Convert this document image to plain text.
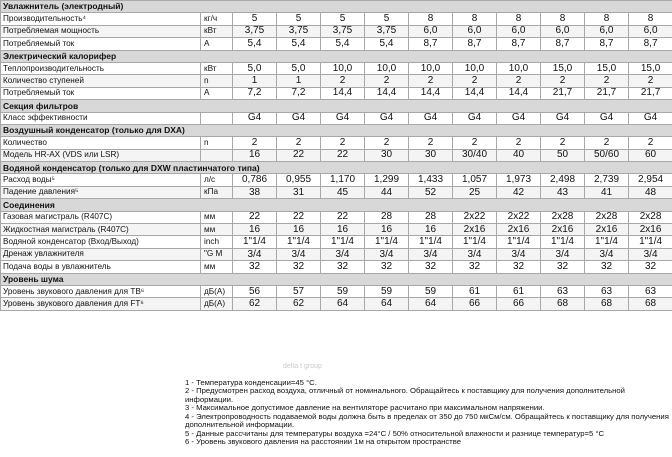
Увлажнитель (электродный)											
Производительность⁴	кг/ч	5	5	5	5	8	8	8	8	8	8
Потребляемая мощность	кВт	3,75	3,75	3,75	3,75	6,0	6,0	6,0	6,0	6,0	6,0
Потребляемый ток	А	5,4	5,4	5,4	5,4	8,7	8,7	8,7	8,7	8,7	8,7
Электрический калорифер											
Теплопроизводительность	кВт	5,0	5,0	10,0	10,0	10,0	10,0	10,0	15,0	15,0	15,0
Количество ступеней	n	1	1	2	2	2	2	2	2	2	2
Потребляемый ток	А	7,2	7,2	14,4	14,4	14,4	14,4	14,4	21,7	21,7	21,7
Секция фильтров											
Класс эффективности		G4	G4	G4	G4	G4	G4	G4	G4	G4	G4
Воздушный конденсатор (только для DXA)											
Количество	n	2	2	2	2	2	2	2	2	2	2
Модель HR-AX (VDS или LSR)		16	22	22	30	30	30/40	40	50	50/60	60
Водяной конденсатор (только для DXW пластинчатого типа)											
Расход воды⁵	л/с	0,786	0,955	1,170	1,299	1,433	1,057	1,973	2,498	2,739	2,954
Падение давления⁵	кПа	38	31	45	44	52	25	42	43	41	48
Соединения											
Газовая магистраль (R407C)	мм	22	22	22	28	28	2x22	2x22	2x28	2x28	2x28
Жидкостная магистраль (R407C)	мм	16	16	16	16	16	2x16	2x16	2x16	2x16	2x16
Водяной конденсатор (Вход/Выход)	inch	1"1/4	1"1/4	1"1/4	1"1/4	1"1/4	1"1/4	1"1/4	1"1/4	1"1/4	1"1/4
Дренаж увлажнителя	"G M	3/4	3/4	3/4	3/4	3/4	3/4	3/4	3/4	3/4	3/4
Подача воды в увлажнитель	мм	32	32	32	32	32	32	32	32	32	32
Уровень шума											
Уровень звукового давления для TB⁶	дБ(А)	56	57	59	59	59	61	61	63	63	63
Уровень звукового давления для FT⁶	дБ(А)	62	62	64	64	64	66	66	68	68	68
delta t group
1 - Температура конденсации=45 °C.
2 - Предусмотрен расход воздуха, отличный от номинального. Обращайтесь к поставщику для получения дополнительной информации.
3 - Максимальное допустимое давление на вентиляторе расчитано при максимальном напряжении.
4 - Электропроводность подаваемой воды должна быть в пределах от 350 до 750 мкСм/см. Обращайтесь к поставщику для получения дополнительной информации.
5 - Данные рассчитаны для температуры воздуха =24°C / 50% относительной влажности и разнице температур=5 °C
6 - Уровень звукового давления на расстоянии 1м на открытом пространстве
